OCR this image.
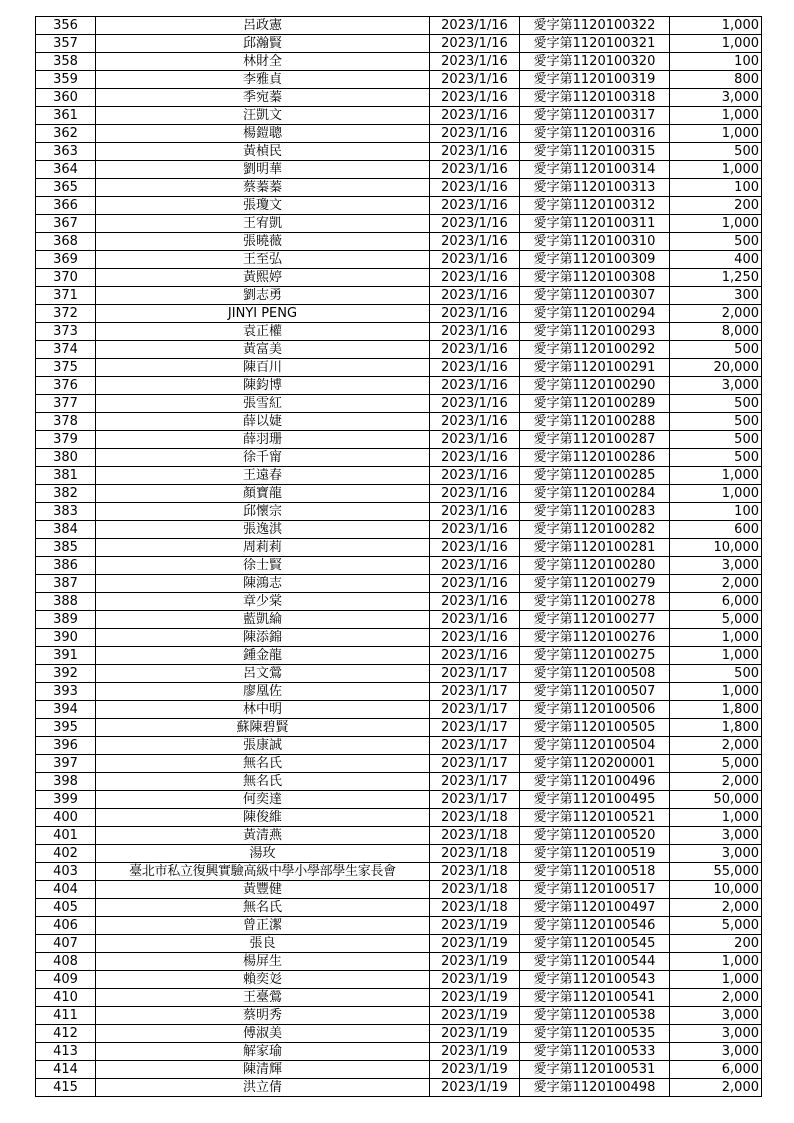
356	呂政憲	2023/1/16	愛字第1120100322	1,000
357	邱瀚賢	2023/1/16	愛字第1120100321	1,000
358	林財全	2023/1/16	愛字第1120100320	100
359	李雅貞	2023/1/16	愛字第1120100319	800
360	季宛蓁	2023/1/16	愛字第1120100318	3,000
361	汪凱文	2023/1/16	愛字第1120100317	1,000
362	楊鎧聰	2023/1/16	愛字第1120100316	1,000
363	黃楨民	2023/1/16	愛字第1120100315	500
364	劉明華	2023/1/16	愛字第1120100314	1,000
365	蔡蓁蓁	2023/1/16	愛字第1120100313	100
366	張瓊文	2023/1/16	愛字第1120100312	200
367	王宥凱	2023/1/16	愛字第1120100311	1,000
368	張曉薇	2023/1/16	愛字第1120100310	500
369	王至弘	2023/1/16	愛字第1120100309	400
370	黃熙婷	2023/1/16	愛字第1120100308	1,250
371	劉志勇	2023/1/16	愛字第1120100307	300
372	JINYI PENG	2023/1/16	愛字第1120100294	2,000
373	袁正權	2023/1/16	愛字第1120100293	8,000
374	黃富美	2023/1/16	愛字第1120100292	500
375	陳百川	2023/1/16	愛字第1120100291	20,000
376	陳鈞博	2023/1/16	愛字第1120100290	3,000
377	張雪紅	2023/1/16	愛字第1120100289	500
378	薛以婕	2023/1/16	愛字第1120100288	500
379	薛羽珊	2023/1/16	愛字第1120100287	500
380	徐千甯	2023/1/16	愛字第1120100286	500
381	王遠春	2023/1/16	愛字第1120100285	1,000
382	顏寶龍	2023/1/16	愛字第1120100284	1,000
383	邱懷宗	2023/1/16	愛字第1120100283	100
384	張逸淇	2023/1/16	愛字第1120100282	600
385	周莉莉	2023/1/16	愛字第1120100281	10,000
386	徐士賢	2023/1/16	愛字第1120100280	3,000
387	陳鴻志	2023/1/16	愛字第1120100279	2,000
388	章少棠	2023/1/16	愛字第1120100278	6,000
389	藍凱綸	2023/1/16	愛字第1120100277	5,000
390	陳添錦	2023/1/16	愛字第1120100276	1,000
391	鍾金龍	2023/1/16	愛字第1120100275	1,000
392	呂文鶯	2023/1/17	愛字第1120100508	500
393	廖凰佐	2023/1/17	愛字第1120100507	1,000
394	林中明	2023/1/17	愛字第1120100506	1,800
395	蘇陳碧賢	2023/1/17	愛字第1120100505	1,800
396	張康誠	2023/1/17	愛字第1120100504	2,000
397	無名氏	2023/1/17	愛字第1120200001	5,000
398	無名氏	2023/1/17	愛字第1120100496	2,000
399	何奕達	2023/1/17	愛字第1120100495	50,000
400	陳俊維	2023/1/18	愛字第1120100521	1,000
401	黃清燕	2023/1/18	愛字第1120100520	3,000
402	湯玫	2023/1/18	愛字第1120100519	3,000
403	臺北市私立復興實驗高級中學小學部學生家長會	2023/1/18	愛字第1120100518	55,000
404	黃豐健	2023/1/18	愛字第1120100517	10,000
405	無名氏	2023/1/18	愛字第1120100497	2,000
406	曾正潔	2023/1/19	愛字第1120100546	5,000
407	張良	2023/1/19	愛字第1120100545	200
408	楊屏生	2023/1/19	愛字第1120100544	1,000
409	賴奕彣	2023/1/19	愛字第1120100543	1,000
410	王臺鶯	2023/1/19	愛字第1120100541	2,000
411	蔡明秀	2023/1/19	愛字第1120100538	3,000
412	傅淑美	2023/1/19	愛字第1120100535	3,000
413	解家瑜	2023/1/19	愛字第1120100533	3,000
414	陳清輝	2023/1/19	愛字第1120100531	6,000
415	洪立倩	2023/1/19	愛字第1120100498	2,000
